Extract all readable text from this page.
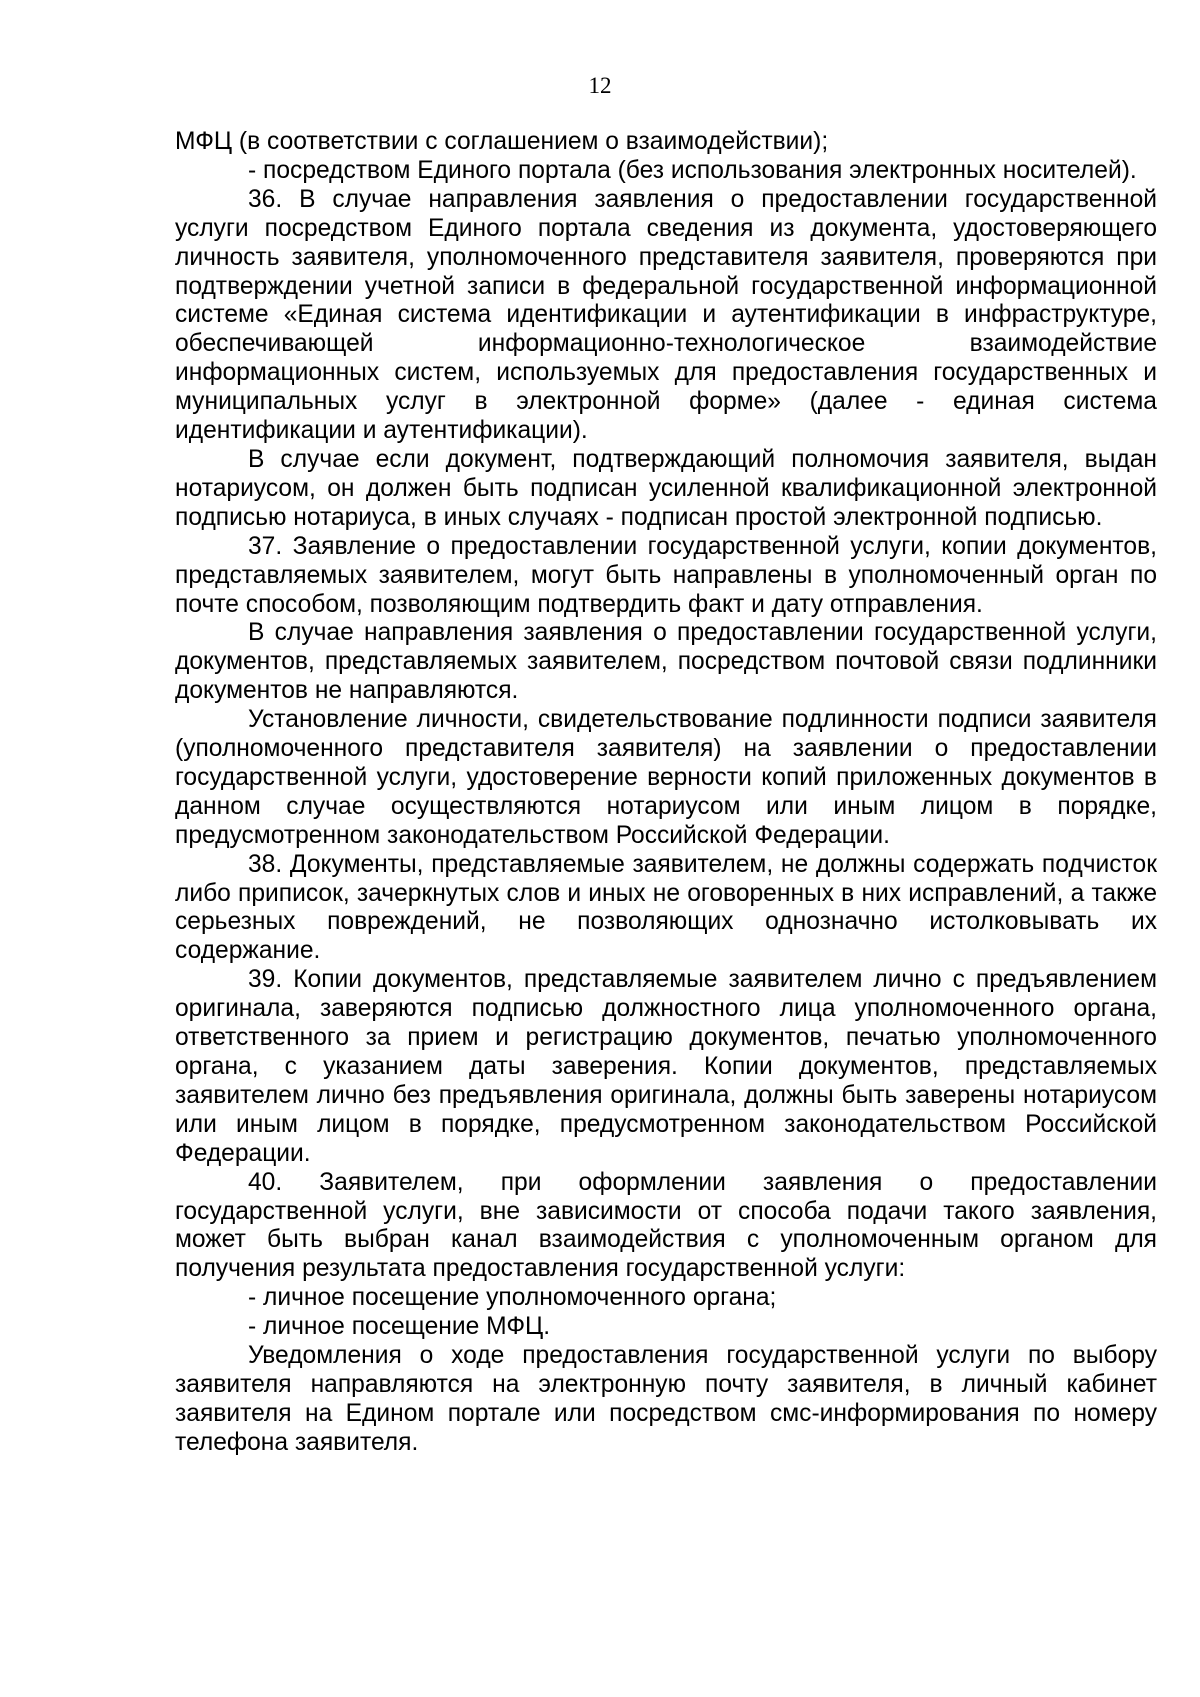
12

МФЦ (в соответствии с соглашением о взаимодействии);

- посредством Единого портала (без использования электронных носителей).

36. В случае направления заявления о предоставлении государственной услуги посредством Единого портала сведения из документа, удостоверяющего личность заявителя, уполномоченного представителя заявителя, проверяются при подтверждении учетной записи в федеральной государственной информационной системе «Единая система идентификации и аутентификации в инфраструктуре, обеспечивающей информационно-технологическое взаимодействие информационных систем, используемых для предоставления государственных и муниципальных услуг в электронной форме» (далее - единая система идентификации и аутентификации).

В случае если документ, подтверждающий полномочия заявителя, выдан нотариусом, он должен быть подписан усиленной квалификационной электронной подписью нотариуса, в иных случаях - подписан простой электронной подписью.

37. Заявление о предоставлении государственной услуги, копии документов, представляемых заявителем, могут быть направлены в уполномоченный орган по почте способом, позволяющим подтвердить факт и дату отправления.

В случае направления заявления о предоставлении государственной услуги, документов, представляемых заявителем, посредством почтовой связи подлинники документов не направляются.

Установление личности, свидетельствование подлинности подписи заявителя (уполномоченного представителя заявителя) на заявлении о предоставлении государственной услуги, удостоверение верности копий приложенных документов в данном случае осуществляются нотариусом или иным лицом в порядке, предусмотренном законодательством Российской Федерации.

38. Документы, представляемые заявителем, не должны содержать подчисток либо приписок, зачеркнутых слов и иных не оговоренных в них исправлений, а также серьезных повреждений, не позволяющих однозначно истолковывать их содержание.

39. Копии документов, представляемые заявителем лично с предъявлением оригинала, заверяются подписью должностного лица уполномоченного органа, ответственного за прием и регистрацию документов, печатью уполномоченного органа, с указанием даты заверения. Копии документов, представляемых заявителем лично без предъявления оригинала, должны быть заверены нотариусом или иным лицом в порядке, предусмотренном законодательством Российской Федерации.

40. Заявителем, при оформлении заявления о предоставлении государственной услуги, вне зависимости от способа подачи такого заявления, может быть выбран канал взаимодействия с уполномоченным органом для получения результата предоставления государственной услуги:

- личное посещение уполномоченного органа;

- личное посещение МФЦ.

Уведомления о ходе предоставления государственной услуги по выбору заявителя направляются на электронную почту заявителя, в личный кабинет заявителя на Едином портале или посредством смс-информирования по номеру телефона заявителя.
